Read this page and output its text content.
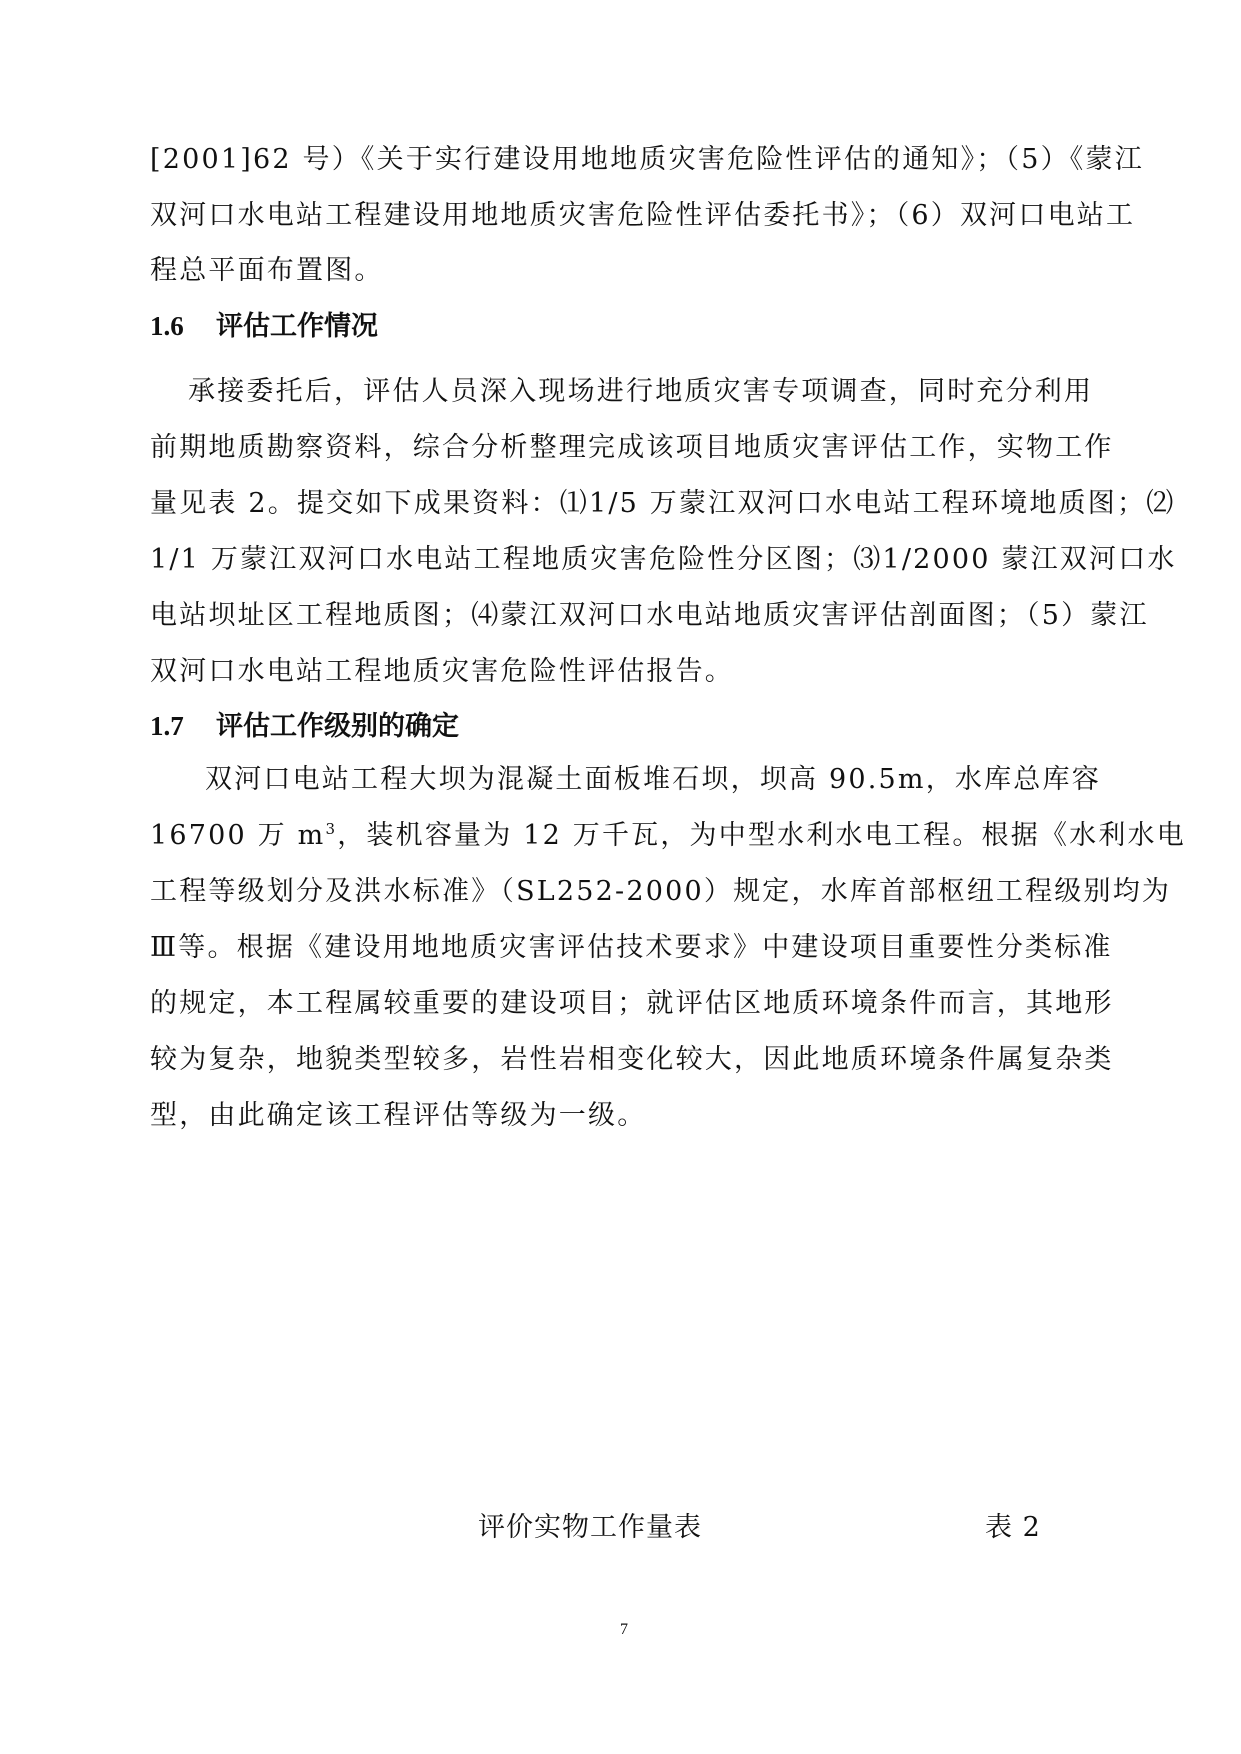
[2001]62 号）《关于实行建设用地地质灾害危险性评估的通知》；（5）《蒙江
双河口水电站工程建设用地地质灾害危险性评估委托书》；（6）双河口电站工
程总平面布置图。
1.6 评估工作情况
承接委托后，评估人员深入现场进行地质灾害专项调查，同时充分利用
前期地质勘察资料，综合分析整理完成该项目地质灾害评估工作，实物工作
量见表 2。提交如下成果资料：⑴1/5 万蒙江双河口水电站工程环境地质图；⑵
1/1 万蒙江双河口水电站工程地质灾害危险性分区图；⑶1/2000 蒙江双河口水
电站坝址区工程地质图；⑷蒙江双河口水电站地质灾害评估剖面图；（5）蒙江
双河口水电站工程地质灾害危险性评估报告。
1.7 评估工作级别的确定
双河口电站工程大坝为混凝土面板堆石坝，坝高 90.5m，水库总库容
16700 万 $m^3$，装机容量为 12 万千瓦，为中型水利水电工程。根据《水利水电
工程等级划分及洪水标准》（SL252-2000）规定，水库首部枢纽工程级别均为
Ⅲ等。根据《建设用地地质灾害评估技术要求》中建设项目重要性分类标准
的规定，本工程属较重要的建设项目；就评估区地质环境条件而言，其地形
较为复杂，地貌类型较多，岩性岩相变化较大，因此地质环境条件属复杂类
型，由此确定该工程评估等级为一级。
评价实物工作量表	表 2
7
